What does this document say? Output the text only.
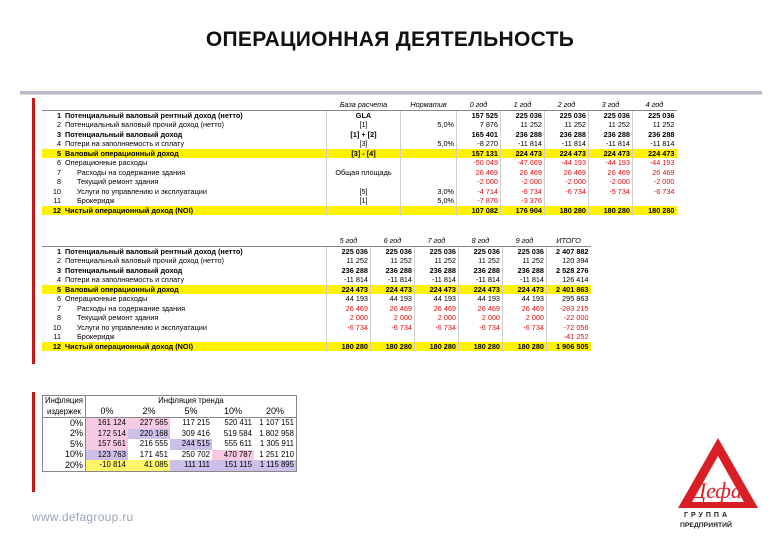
ОПЕРАЦИОННАЯ ДЕЯТЕЛЬНОСТЬ
		База расчета	Норматив	0 год	1 год	2 год	3 год	4 год
1	Потенциальный валовый рентный доход (нетто)	GLA		157 525	225 036	225 036	225 036	225 036
2	Потенциальный валовый прочий доход (нетто)	[1]	5,0%	7 876	11 252	11 252	11 252	11 252
3	Потенциальный валовый доход	[1] + [2]		165 401	236 288	236 288	236 288	236 288
4	Потери на заполняемость и сплату	[3]	5,0%	-8 270	-11 814	-11 814	-11 814	-11 814
5	Валовый операционный доход	[3] - [4]		157 131	224 473	224 473	224 473	224 473
6	Операционные расходы			-50 049	-47 669	-44 193	-44 193	-44 193
7	Расходы на содержание здания	Общая площадь		26 469	26 469	26 469	26 469	26 469
8	Текущий ремонт здания			-2 000	-2 000	-2 000	-2 000	-2 000
10	Услуги по управлению и эксплуатации	[5]	3,0%	-4 714	-6 734	-6 734	-5 734	-6 734
11	Брокеридж	[1]	5,0%	-7 876	-3 376			
12	Чистый операционный доход (NOI)			107 082	176 904	180 280	180 280	180 280
		5 год	6 год	7 год	8 год	9 год	ИТОГО
1	Потенциальный валовый рентный доход (нетто)	225 036	225 036	225 036	225 036	225 036	2 407 882
2	Потенциальный валовый прочий доход (нетто)	11 252	11 252	11 252	11 252	11 252	120 394
3	Потенциальный валовый доход	236 288	236 288	236 288	236 288	236 288	2 528 276
4	Потери на заполняемость и сплату	-11 814	-11 814	-11 814	-11 814	-11 814	126 414
5	Валовый операционный доход	224 473	224 473	224 473	224 473	224 473	2 401 863
6	Операционные расходы	44 193	44 193	44 193	44 193	44 193	295 863
7	Расходы на содержание здания	26 469	26 469	26 469	26 469	26 469	-283 215
8	Текущий ремонт здания	2 000	2 000	2 000	2 000	2 000	-22 000
10	Услуги по управлению и эксплуатации	-6 734	-6 734	-6 734	-6 734	-6 734	-72 056
11	Брокеридж						-41 252
12	Чистый операционный доход (NOI)	180 280	180 280	180 280	180 280	180 280	1 906 505
Инфляция	Инфляция тренда				
издержек	0%	2%	5%	10%	20%
0%	161 124	227 565	117 215	520 411	1 107 151
2%	172 514	220 168	309 416	519 584	1 802 958
5%	157 561	216 555	244 515	555 611	1 305 911
10%	123 763	171 451	250 702	470 787	1 251 210
20%	-10 814	41 085	111 111	151 115	1 115 895
www.defagroup.ru
Дефа
ГРУППА
ПРЕДПРИЯТИЙ
